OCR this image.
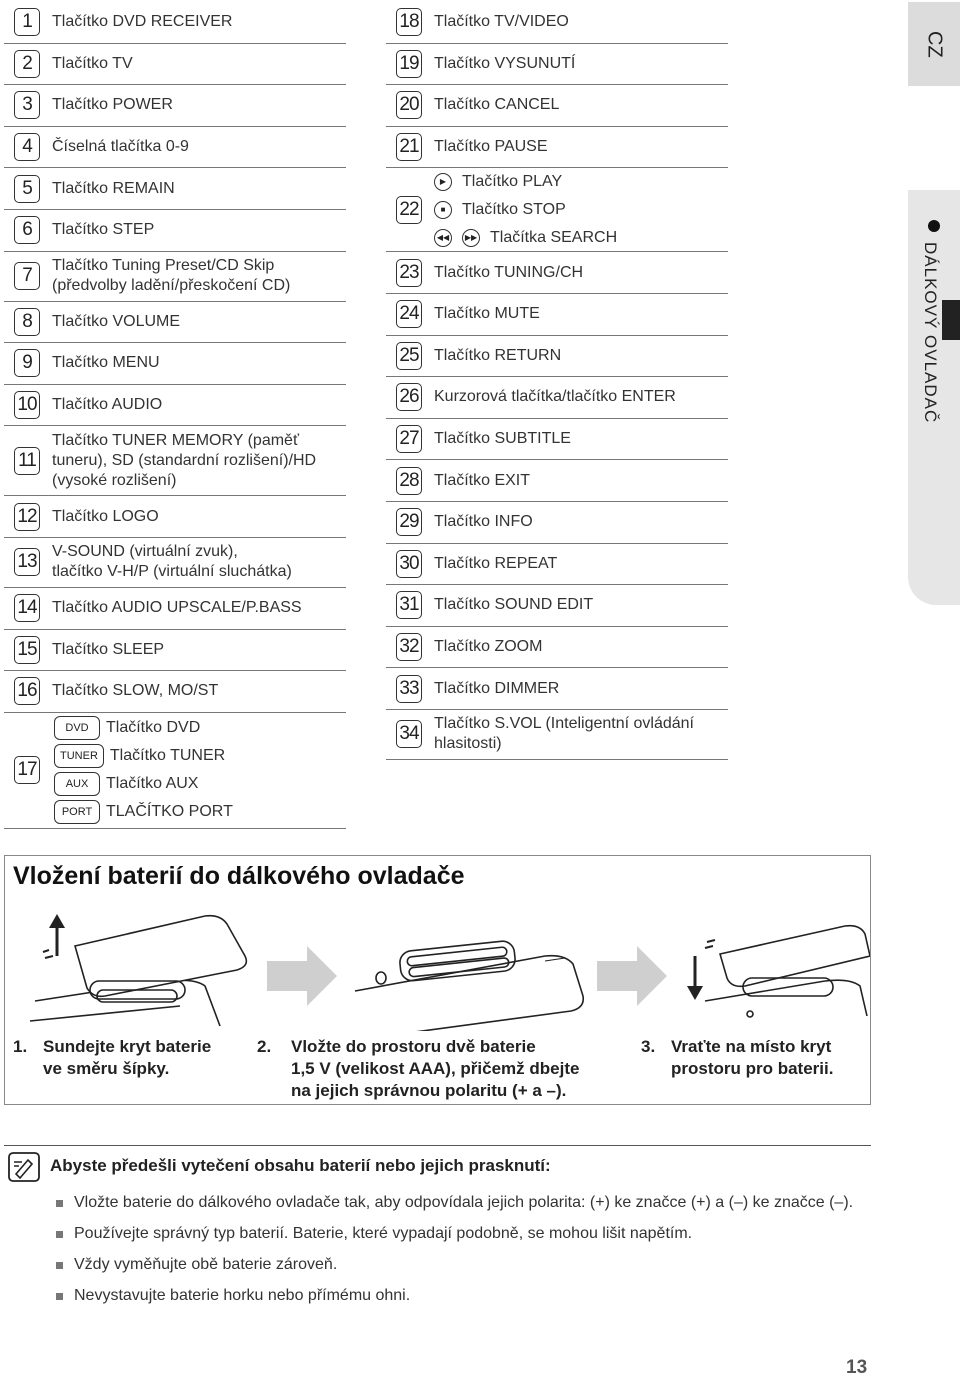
1	Tlačítko DVD RECEIVER
2	Tlačítko TV
3	Tlačítko POWER
4	Číselná tlačítka 0-9
5	Tlačítko REMAIN
6	Tlačítko STEP
7	Tlačítko Tuning Preset/CD Skip
(předvolby ladění/přeskočení CD)
8	Tlačítko VOLUME
9	Tlačítko MENU
10 Tlačítko AUDIO
11
Tlačítko TUNER MEMORY (paměť
tuneru), SD (standardní rozlišení)/HD
(vysoké rozlišení)
12 Tlačítko LOGO
13 V-SOUND (virtuální zvuk),
tlačítko V-H/P (virtuální sluchátka)
14 Tlačítko AUDIO UPSCALE/P.BASS
15 Tlačítko SLEEP
16 Tlačítko SLOW, MO/ST
17
DVD	Tlačítko DVD
TUNER Tlačítko TUNER
AUX	Tlačítko AUX
PORT TLAČÍTKO PORT
18 Tlačítko TV/VIDEO
19 Tlačítko VYSUNUTÍ
20 Tlačítko CANCEL
21 Tlačítko PAUSE
22
▶ Tlačítko PLAY
■	Tlačítko STOP
◀◀	▶▶ Tlačítka SEARCH
23 Tlačítko TUNING/CH
24 Tlačítko MUTE
25 Tlačítko RETURN
26 Kurzorová tlačítka/tlačítko ENTER
27 Tlačítko SUBTITLE
28 Tlačítko EXIT
29 Tlačítko INFO
30 Tlačítko REPEAT
31 Tlačítko SOUND EDIT
32 Tlačítko ZOOM
33 Tlačítko DIMMER
34 Tlačítko S.VOL (Inteligentní ovládání
hlasitosti)
CZ
DÁLKOVÝ OVLADAČ
Vložení baterií do dálkového ovladače
1. Sundejte kryt baterie
ve směru šípky.
2. Vložte do prostoru dvě baterie
1,5 V (velikost AAA), přičemž dbejte
na jejich správnou polaritu (+ a –).
3. Vraťte na místo kryt
prostoru pro baterii.
Abyste předešli vytečení obsahu baterií nebo jejich prasknutí:
Vložte baterie do dálkového ovladače tak, aby odpovídala jejich polarita: (+) ke značce (+) a (–) ke značce (–).
Používejte správný typ baterií. Baterie, které vypadají podobně, se mohou lišit napětím.
Vždy vyměňujte obě baterie zároveň.
Nevystavujte baterie horku nebo přímému ohni.
13
